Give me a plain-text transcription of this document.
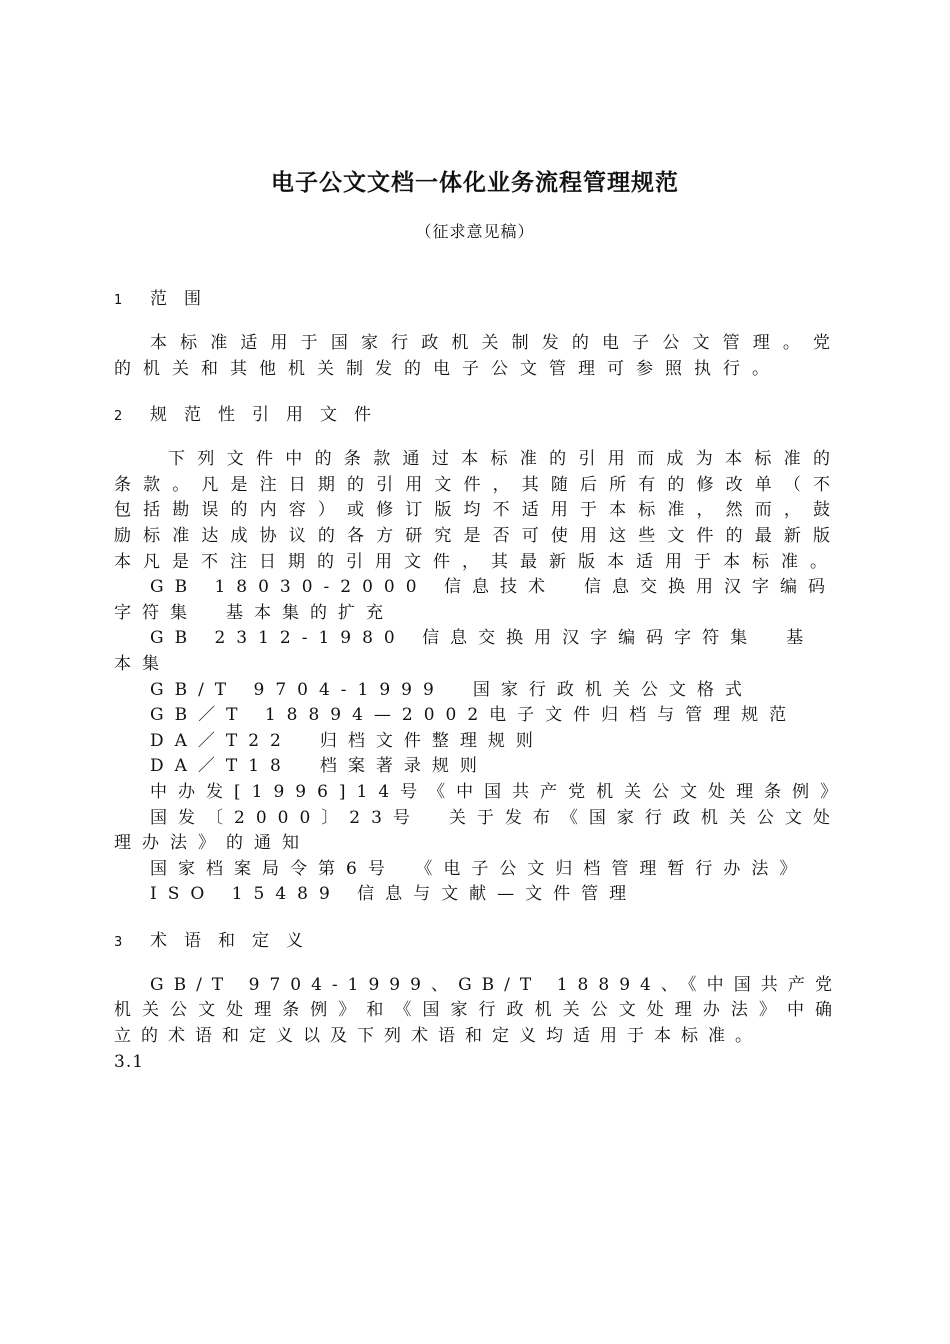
电子公文文档一体化业务流程管理规范
（征求意见稿）
1	范围

本标准适用于国家行政机关制发的电子公文管理。党的机关和其他机关制发的电子公文管理可参照执行。

2	规范性引用文件

下列文件中的条款通过本标准的引用而成为本标准的条款。凡是注日期的引用文件，其随后所有的修改单（不包括勘误的内容）或修订版均不适用于本标准，然而，鼓励标准达成协议的各方研究是否可使用这些文件的最新版本凡是不注日期的引用文件，其最新版本适用于本标准。

GB 18030-2000 信息技术　信息交换用汉字编码字符集　基本集的扩充

GB 2312-1980 信息交换用汉字编码字符集　基本集

GB/T 9704-1999　国家行政机关公文格式

GB／T 18894—2002电子文件归档与管理规范

DA／T22　归档文件整理规则

DA／T18　档案著录规则

中办发[1996]14号《中国共产党机关公文处理条例》

国发〔2000〕23号　关于发布《国家行政机关公文处理办法》的通知

国家档案局令第6号　《电子公文归档管理暂行办法》

ISO 15489 信息与文献—文件管理

3	术语和定义

GB/T 9704-1999、GB/T 18894、《中国共产党机关公文处理条例》和《国家行政机关公文处理办法》中确立的术语和定义以及下列术语和定义均适用于本标准。

3.1
